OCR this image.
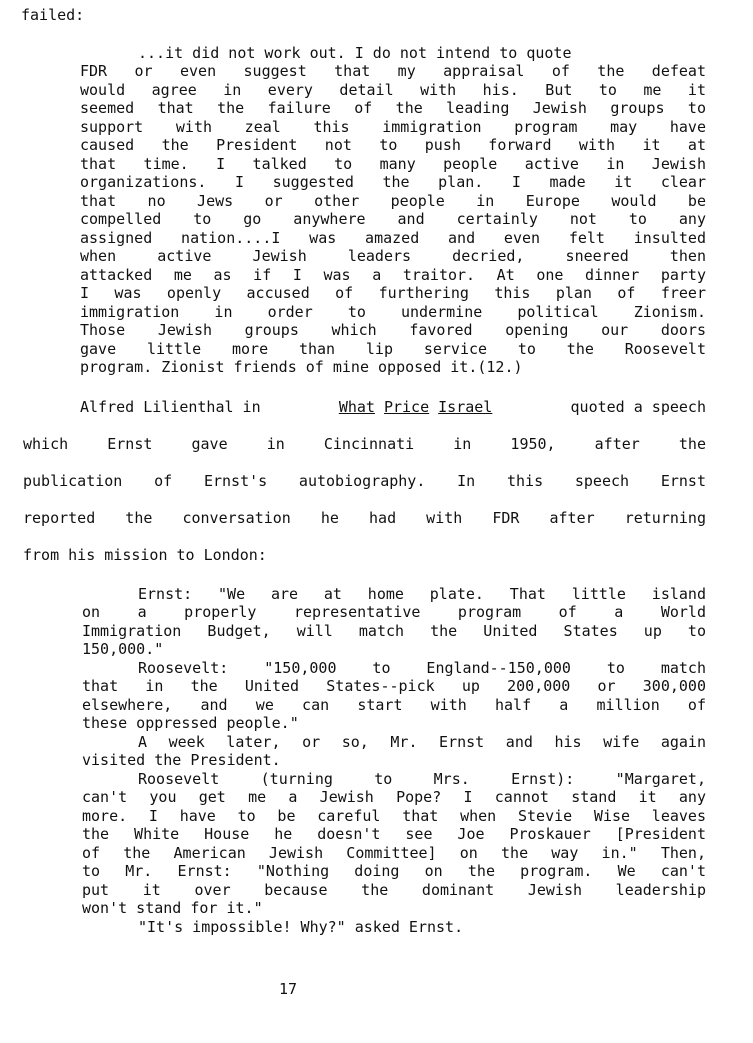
failed:
...it did not work out. I do not intend to quote
FDR or even suggest that my appraisal of the defeat
would agree in every detail with his. But to me it
seemed that the failure of the leading Jewish groups to
support with zeal this immigration program may have
caused the President not to push forward with it at
that time. I talked to many people active in Jewish
organizations. I suggested the plan. I made it clear
that no Jews or other people in Europe would be
compelled to go anywhere and certainly not to any
assigned nation....I was amazed and even felt insulted
when active Jewish leaders decried, sneered then
attacked me as if I was a traitor. At one dinner party
I was openly accused of furthering this plan of freer
immigration in order to undermine political Zionism.
Those Jewish groups which favored opening our doors
gave little more than lip service to the Roosevelt
program. Zionist friends of mine opposed it.(12.)
Alfred Lilienthal in	What Price Israel	quoted a speech
which Ernst gave in Cincinnati in 1950, after the
publication of Ernst's autobiography. In this speech Ernst
reported the conversation he had with FDR after returning
from his mission to London:
Ernst: "We are at home plate. That little island
on a properly representative program of a World
Immigration Budget, will match the United States up to
150,000."
Roosevelt: "150,000 to England--150,000 to match
that in the United States--pick up 200,000 or 300,000
elsewhere, and we can start with half a million of
these oppressed people."
A week later, or so, Mr. Ernst and his wife again
visited the President.
Roosevelt (turning to Mrs. Ernst): "Margaret,
can't you get me a Jewish Pope? I cannot stand it any
more. I have to be careful that when Stevie Wise leaves
the White House he doesn't see Joe Proskauer [President
of the American Jewish Committee] on the way in." Then,
to Mr. Ernst: "Nothing doing on the program. We can't
put it over because the dominant Jewish leadership
won't stand for it."
"It's impossible! Why?" asked Ernst.
17
